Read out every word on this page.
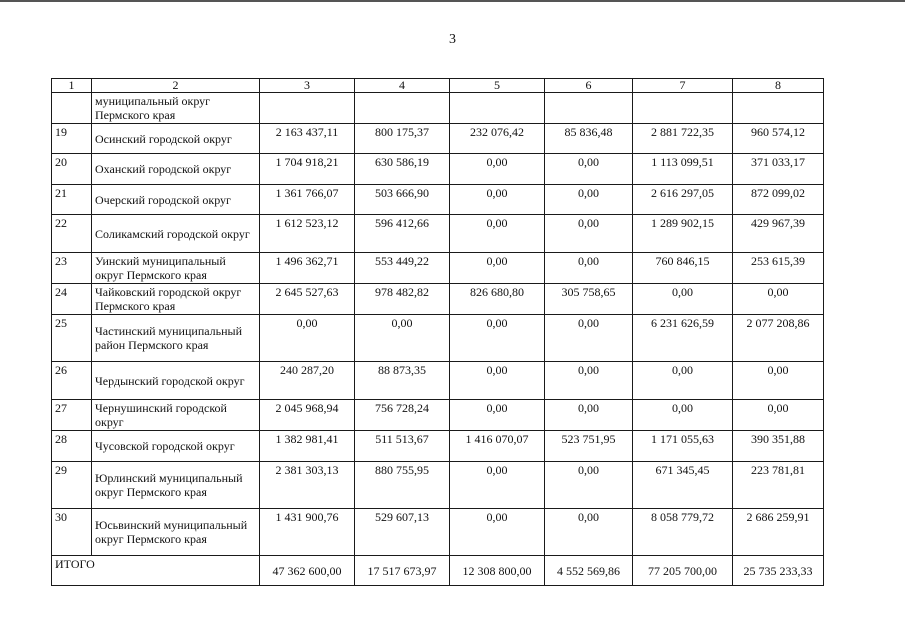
3
1	2	3	4	5	6	7	8
	муниципальный округ Пермского края						
19	Осинский городской округ	2 163 437,11	800 175,37	232 076,42	85 836,48	2 881 722,35	960 574,12
20	Оханский городской округ	1 704 918,21	630 586,19	0,00	0,00	1 113 099,51	371 033,17
21	Очерский городской округ	1 361 766,07	503 666,90	0,00	0,00	2 616 297,05	872 099,02
22	Соликамский городской округ	1 612 523,12	596 412,66	0,00	0,00	1 289 902,15	429 967,39
23	Уинский муниципальный округ Пермского края	1 496 362,71	553 449,22	0,00	0,00	760 846,15	253 615,39
24	Чайковский городской округ Пермского края	2 645 527,63	978 482,82	826 680,80	305 758,65	0,00	0,00
25	Частинский муниципальный район Пермского края	0,00	0,00	0,00	0,00	6 231 626,59	2 077 208,86
26	Чердынский городской округ	240 287,20	88 873,35	0,00	0,00	0,00	0,00
27	Чернушинский городской округ	2 045 968,94	756 728,24	0,00	0,00	0,00	0,00
28	Чусовской городской округ	1 382 981,41	511 513,67	1 416 070,07	523 751,95	1 171 055,63	390 351,88
29	Юрлинский муниципальный округ Пермского края	2 381 303,13	880 755,95	0,00	0,00	671 345,45	223 781,81
30	Юсьвинский муниципальный округ Пермского края	1 431 900,76	529 607,13	0,00	0,00	8 058 779,72	2 686 259,91
ИТОГО		47 362 600,00	17 517 673,97	12 308 800,00	4 552 569,86	77 205 700,00	25 735 233,33
